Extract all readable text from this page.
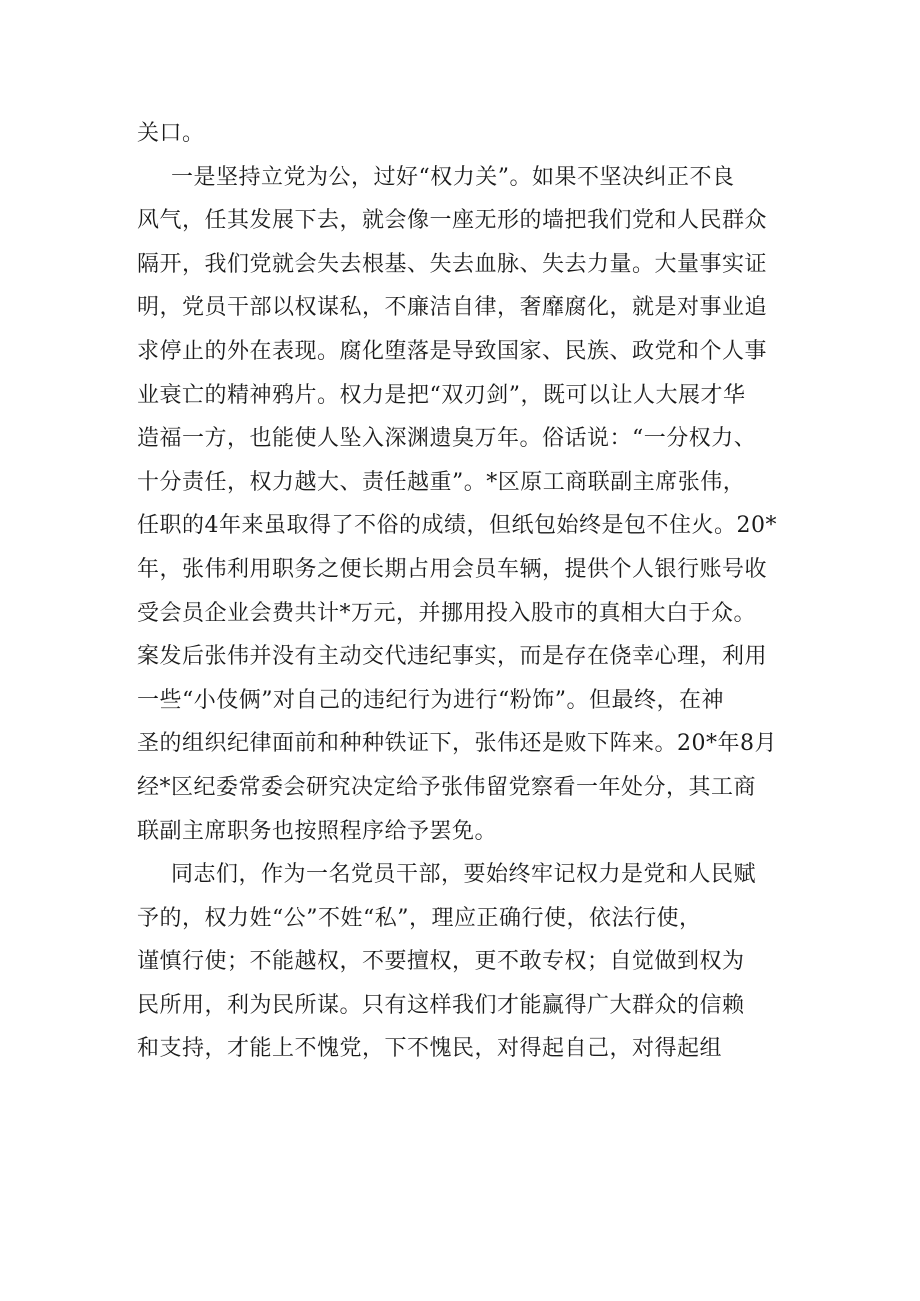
关口。
一是坚持立党为公，过好“权力关”。如果不坚决纠正不良
风气，任其发展下去，就会像一座无形的墙把我们党和人民群众
隔开，我们党就会失去根基、失去血脉、失去力量。大量事实证
明，党员干部以权谋私，不廉洁自律，奢靡腐化，就是对事业追
求停止的外在表现。腐化堕落是导致国家、民族、政党和个人事
业衰亡的精神鸦片。权力是把“双刃剑”，既可以让人大展才华
造福一方，也能使人坠入深渊遗臭万年。俗话说：“一分权力、
十分责任，权力越大、责任越重”。*区原工商联副主席张伟，
任职的4年来虽取得了不俗的成绩，但纸包始终是包不住火。20*
年，张伟利用职务之便长期占用会员车辆，提供个人银行账号收
受会员企业会费共计*万元，并挪用投入股市的真相大白于众。
案发后张伟并没有主动交代违纪事实，而是存在侥幸心理，利用
一些“小伎俩”对自己的违纪行为进行“粉饰”。但最终，在神
圣的组织纪律面前和种种铁证下，张伟还是败下阵来。20*年8月
经*区纪委常委会研究决定给予张伟留党察看一年处分，其工商
联副主席职务也按照程序给予罢免。
同志们，作为一名党员干部，要始终牢记权力是党和人民赋
予的，权力姓“公”不姓“私”，理应正确行使，依法行使，
谨慎行使；不能越权，不要擅权，更不敢专权；自觉做到权为
民所用，利为民所谋。只有这样我们才能赢得广大群众的信赖
和支持，才能上不愧党，下不愧民，对得起自己，对得起组
